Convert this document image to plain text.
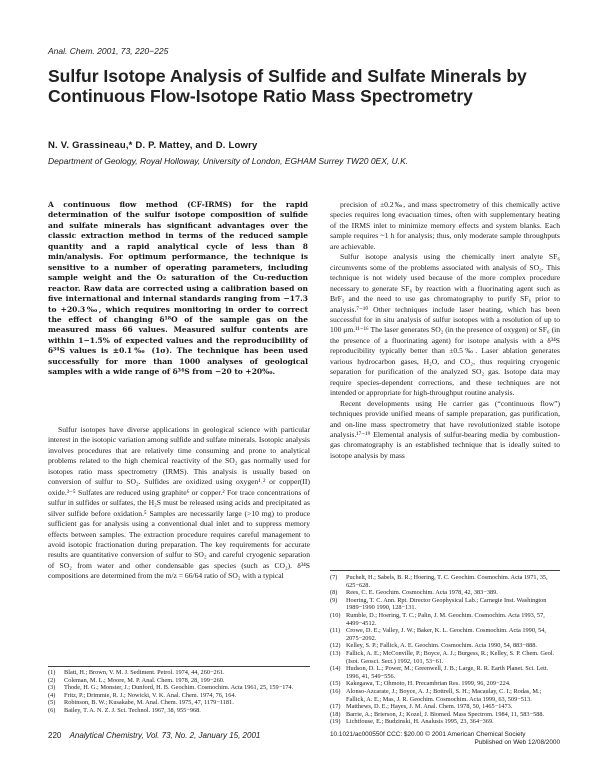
Anal. Chem. 2001, 73, 220−225
Sulfur Isotope Analysis of Sulfide and Sulfate Minerals by Continuous Flow-Isotope Ratio Mass Spectrometry
N. V. Grassineau,* D. P. Mattey, and D. Lowry
Department of Geology, Royal Holloway, University of London, EGHAM Surrey TW20 0EX, U.K.

A continuous flow method (CF-IRMS) for the rapid determination of the sulfur isotope composition of sulfide and sulfate minerals has significant advantages over the classic extraction method in terms of the reduced sample quantity and a rapid analytical cycle of less than 8 min/analysis. For optimum performance, the technique is sensitive to a number of operating parameters, including sample weight and the O₂ saturation of the Cu-reduction reactor. Raw data are corrected using a calibration based on five international and internal standards ranging from −17.3 to +20.3‰, which requires monitoring in order to correct the effect of changing δ¹⁸O of the sample gas on the measured mass 66 values. Measured sulfur contents are within 1−1.5% of expected values and the reproducibility of δ³⁴S values is ±0.1‰ (1σ). The technique has been used successfully for more than 1000 analyses of geological samples with a wide range of δ³⁴S from −20 to +20‰.

Sulfur isotopes have diverse applications in geological science with particular interest in the isotopic variation among sulfide and sulfate minerals. Isotopic analysis involves procedures that are relatively time consuming and prone to analytical problems related to the high chemical reactivity of the SO₂ gas normally used for isotopes ratio mass spectrometry (IRMS). This analysis is usually based on conversion of sulfur to SO₂. Sulfides are oxidized using oxygen¹˒² or copper(II) oxide.³⁻⁵ Sulfates are reduced using graphite⁶ or copper.² For trace concentrations of sulfur in sulfides or sulfates, the H₂S must be released using acids and precipitated as silver sulfide before oxidation.⁵ Samples are necessarily large (>10 mg) to produce sufficient gas for analysis using a conventional dual inlet and to suppress memory effects between samples. The extraction procedure requires careful management to avoid isotopic fractionation during preparation. The key requirements for accurate results are quantitative conversion of sulfur to SO₂ and careful cryogenic separation of SO₂ from water and other condensable gas species (such as CO₂). δ³⁴S compositions are determined from the m/z = 66/64 ratio of SO₂ with a typical

precision of ±0.2‰, and mass spectrometry of this chemically active species requires long evacuation times, often with supplementary heating of the IRMS inlet to minimize memory effects and system blanks. Each sample requires ~1 h for analysis; thus, only moderate sample throughputs are achievable.

Sulfur isotope analysis using the chemically inert analyte SF₆ circumvents some of the problems associated with analysis of SO₂. This technique is not widely used because of the more complex procedure necessary to generate SF₆ by reaction with a fluorinating agent such as BrF₅ and the need to use gas chromatography to purify SF₆ prior to analysis.⁷⁻¹⁰ Other techniques include laser heating, which has been successful for in situ analysis of sulfur isotopes with a resolution of up to 100 μm.¹¹⁻¹⁶ The laser generates SO₂ (in the presence of oxygen) or SF₆ (in the presence of a fluorinating agent) for isotope analysis with a δ³⁴S reproducibility typically better than ±0.5‰. Laser ablation generates various hydrocarbon gases, H₂O, and CO₂, thus requiring cryogenic separation for purification of the analyzed SO₂ gas. Isotope data may require species-dependent corrections, and these techniques are not intended or appropriate for high-throughput routine analysis.

Recent developments using He carrier gas (“continuous flow”) techniques provide unified means of sample preparation, gas purification, and on-line mass spectrometry that have revolutionized stable isotope analysis.¹⁷⁻¹⁹ Elemental analysis of sulfur-bearing media by combustion-gas chromatography is an established technique that is ideally suited to isotope analysis by mass

(1)	Blatt, H.; Brown, V. M. J. Sediment. Petrol. 1974, 44, 260−261.
(2)	Coleman, M. L.; Moore, M. P. Anal. Chem. 1978, 28, 199−260.
(3)	Thode, H. G.; Monster, J.; Dunford, H. B. Geochim. Cosmochim. Acta 1961, 25, 159−174.
(4)	Fritz, P.; Drimmie, R. J.; Nowicki, V. K. Anal. Chem. 1974, 76, 164.
(5)	Robinson, B. W.; Kusakabe, M. Anal. Chem. 1975, 47, 1179−1181.
(6)	Bailey, T. A. N. Z. J. Sci. Technol. 1967, 38, 955−968.
(7)	Puchelt, H.; Sabels, B. R.; Hoering, T. C. Geochim. Cosmochim. Acta 1971, 35, 625−628.
(8)	Rees, C. E. Geochim. Cosmochim. Acta 1978, 42, 383−389.
(9)	Hoering, T. C. Ann. Rpt. Director Geophysical Lab.; Carnegie Inst. Washington 1989−1990 1990, 128−131.
(10) Rumble, D.; Hoering, T. C.; Palin, J. M. Geochim. Cosmochim. Acta 1993, 57, 4499−4512.
(11) Crowe, D. E.; Valley, J. W.; Baker, K. L. Geochim. Cosmochim. Acta 1990, 54, 2075−2092.
(12) Kelley, S. P.; Fallick, A. E. Geochim. Cosmochim. Acta 1990, 54, 883−888.
(13) Fallick, A. E.; McConville, P.; Boyce, A. J.; Burgess, R.; Kelley, S. P. Chem. Geol. (Isot. Geosci. Sect.) 1992, 101, 53−61.
(14) Hudson, D. L.; Power, M.; Greenwell, J. B.; Large, R. R. Earth Planet. Sci. Lett. 1996, 41, 549−556.
(15) Kakegawa, T.; Ohmoto, H. Precambrian Res. 1999, 96, 209−224.
(16) Alonso-Azcarate, J.; Boyce, A. J.; Bottrell, S. H.; Macaulay, C. I.; Rodas, M.; Fallick, A. E.; Mas, J. R. Geochim. Cosmochim. Acta 1999, 63, 509−513.
(17) Matthews, D. E.; Hayes, J. M. Anal. Chem. 1978, 50, 1465−1473.
(18) Barrie, A.; Brierson, J.; Kozel, J. Biomed. Mass Spectrom. 1984, 11, 583−588.
(19) Lichtfouse, E.; Budzinski, H. Analusis 1995, 23, 364−369.
220 Analytical Chemistry, Vol. 73, No. 2, January 15, 2001	10.1021/ac000550f CCC: $20.00 © 2001 American Chemical Society
Published on Web 12/08/2000
